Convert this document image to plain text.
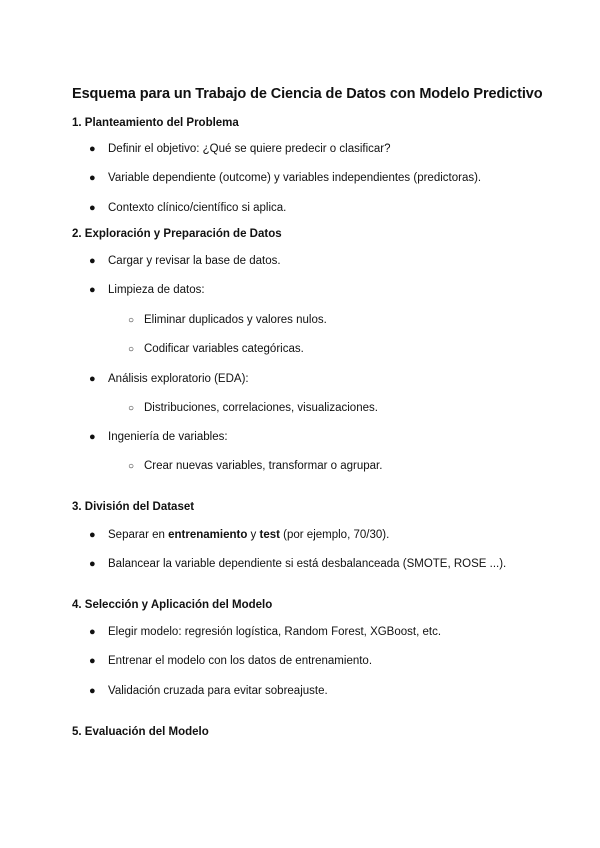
Esquema para un Trabajo de Ciencia de Datos con Modelo Predictivo
1. Planteamiento del Problema
● Definir el objetivo: ¿Qué se quiere predecir o clasificar?
● Variable dependiente (outcome) y variables independientes (predictoras).
● Contexto clínico/científico si aplica.
2. Exploración y Preparación de Datos
● Cargar y revisar la base de datos.
● Limpieza de datos:
○ Eliminar duplicados y valores nulos.
○ Codificar variables categóricas.
● Análisis exploratorio (EDA):
○ Distribuciones, correlaciones, visualizaciones.
● Ingeniería de variables:
○ Crear nuevas variables, transformar o agrupar.
3. División del Dataset
● Separar en entrenamiento y test (por ejemplo, 70/30).
● Balancear la variable dependiente si está desbalanceada (SMOTE, ROSE ...).
4. Selección y Aplicación del Modelo
● Elegir modelo: regresión logística, Random Forest, XGBoost, etc.
● Entrenar el modelo con los datos de entrenamiento.
● Validación cruzada para evitar sobreajuste.
5. Evaluación del Modelo
